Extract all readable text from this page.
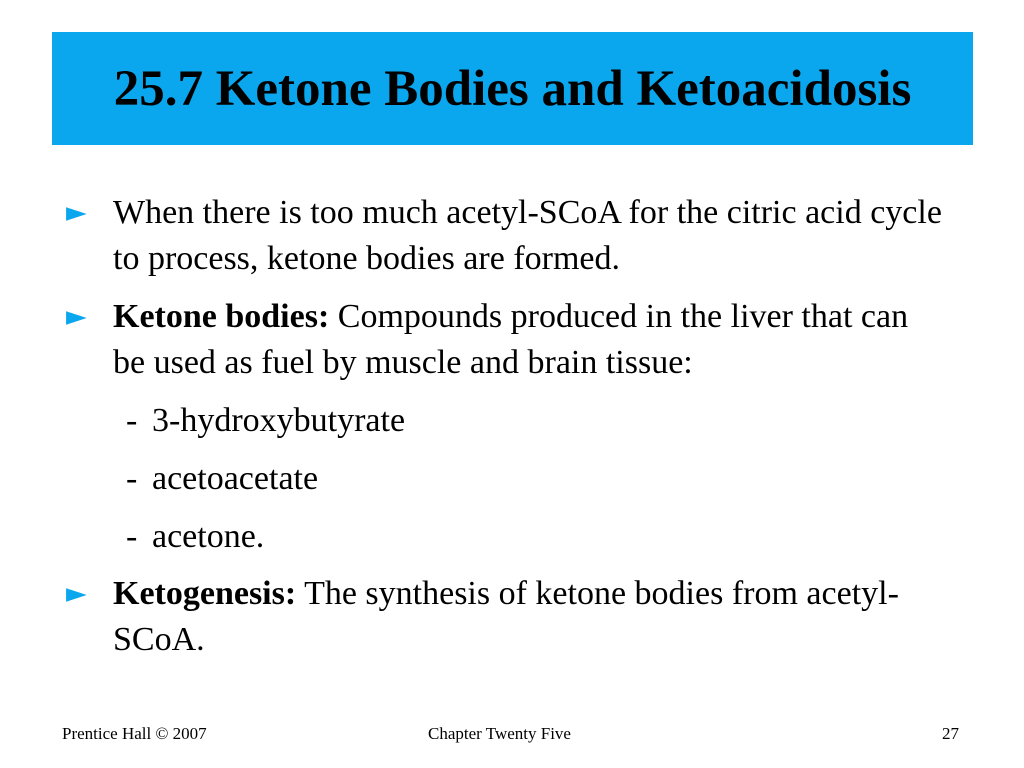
25.7 Ketone Bodies and Ketoacidosis
► When there is too much acetyl-SCoA for the citric acid cycle to process, ketone bodies are formed.
► Ketone bodies: Compounds produced in the liver that can be used as fuel by muscle and brain tissue:
- 3-hydroxybutyrate
- acetoacetate
- acetone.
► Ketogenesis: The synthesis of ketone bodies from acetyl-SCoA.
Prentice Hall © 2007	Chapter Twenty Five	27
